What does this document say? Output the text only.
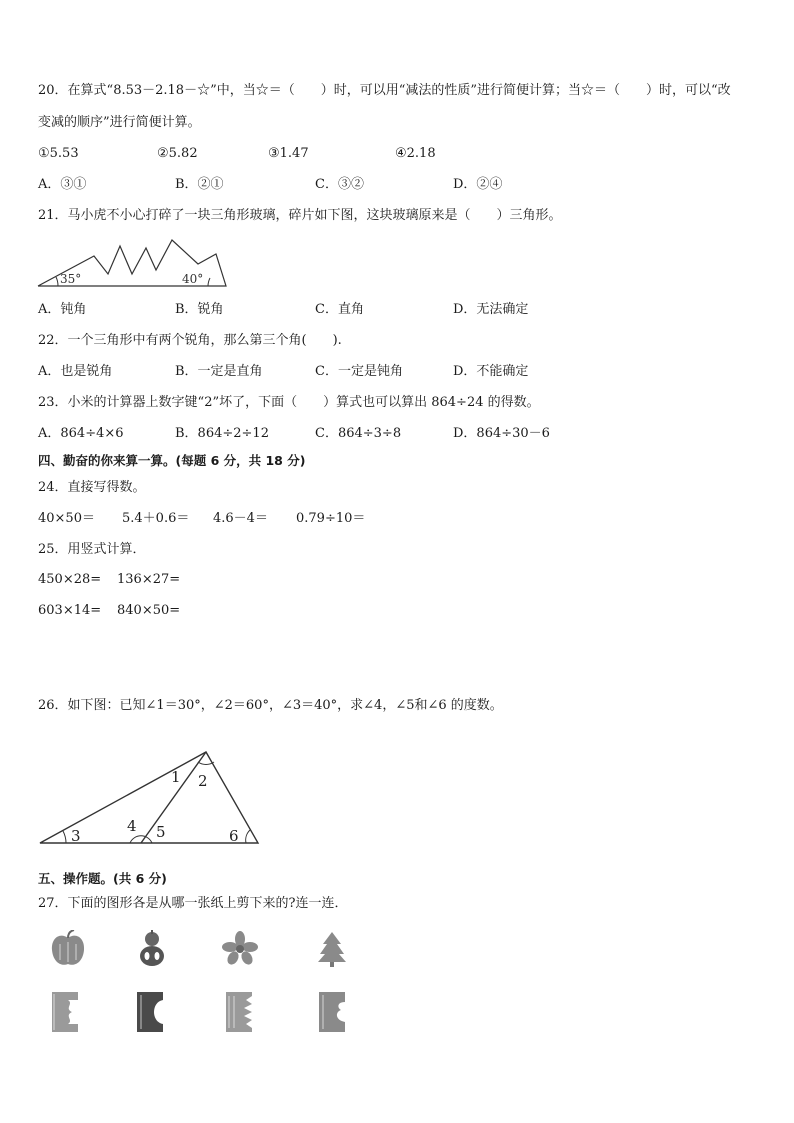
20．在算式“8.53－2.18－☆”中，当☆＝（　　）时，可以用“减法的性质”进行简便计算；当☆＝（　　）时，可以“改
变减的顺序”进行简便计算。
①5.53	②5.82	③1.47	④2.18
A．③①	B．②①	C．③②	D．②④
21．马小虎不小心打碎了一块三角形玻璃，碎片如下图，这块玻璃原来是（　　）三角形。
35°	40°
A．钝角	B．锐角	C．直角	D．无法确定
22．一个三角形中有两个锐角，那么第三个角(　　).
A．也是锐角	B．一定是直角	C．一定是钝角	D．不能确定
23．小米的计算器上数字键“2”坏了，下面（　　）算式也可以算出 864÷24 的得数。
A．864÷4×6	B．864÷2÷12	C．864÷3÷8	D．864÷30－6
四、勤奋的你来算一算。(每题 6 分，共 18 分)
24．直接写得数。
40×50＝ 5.4＋0.6＝ 4.6－4＝ 0.79÷10＝
25．用竖式计算．
450×28= 136×27=
603×14= 840×50=
26．如下图：已知∠1＝30°，∠2＝60°，∠3＝40°，求∠4，∠5和∠6 的度数。
1 2
3
4 5	6
五、操作题。(共 6 分)
27．下面的图形各是从哪一张纸上剪下来的?连一连．
